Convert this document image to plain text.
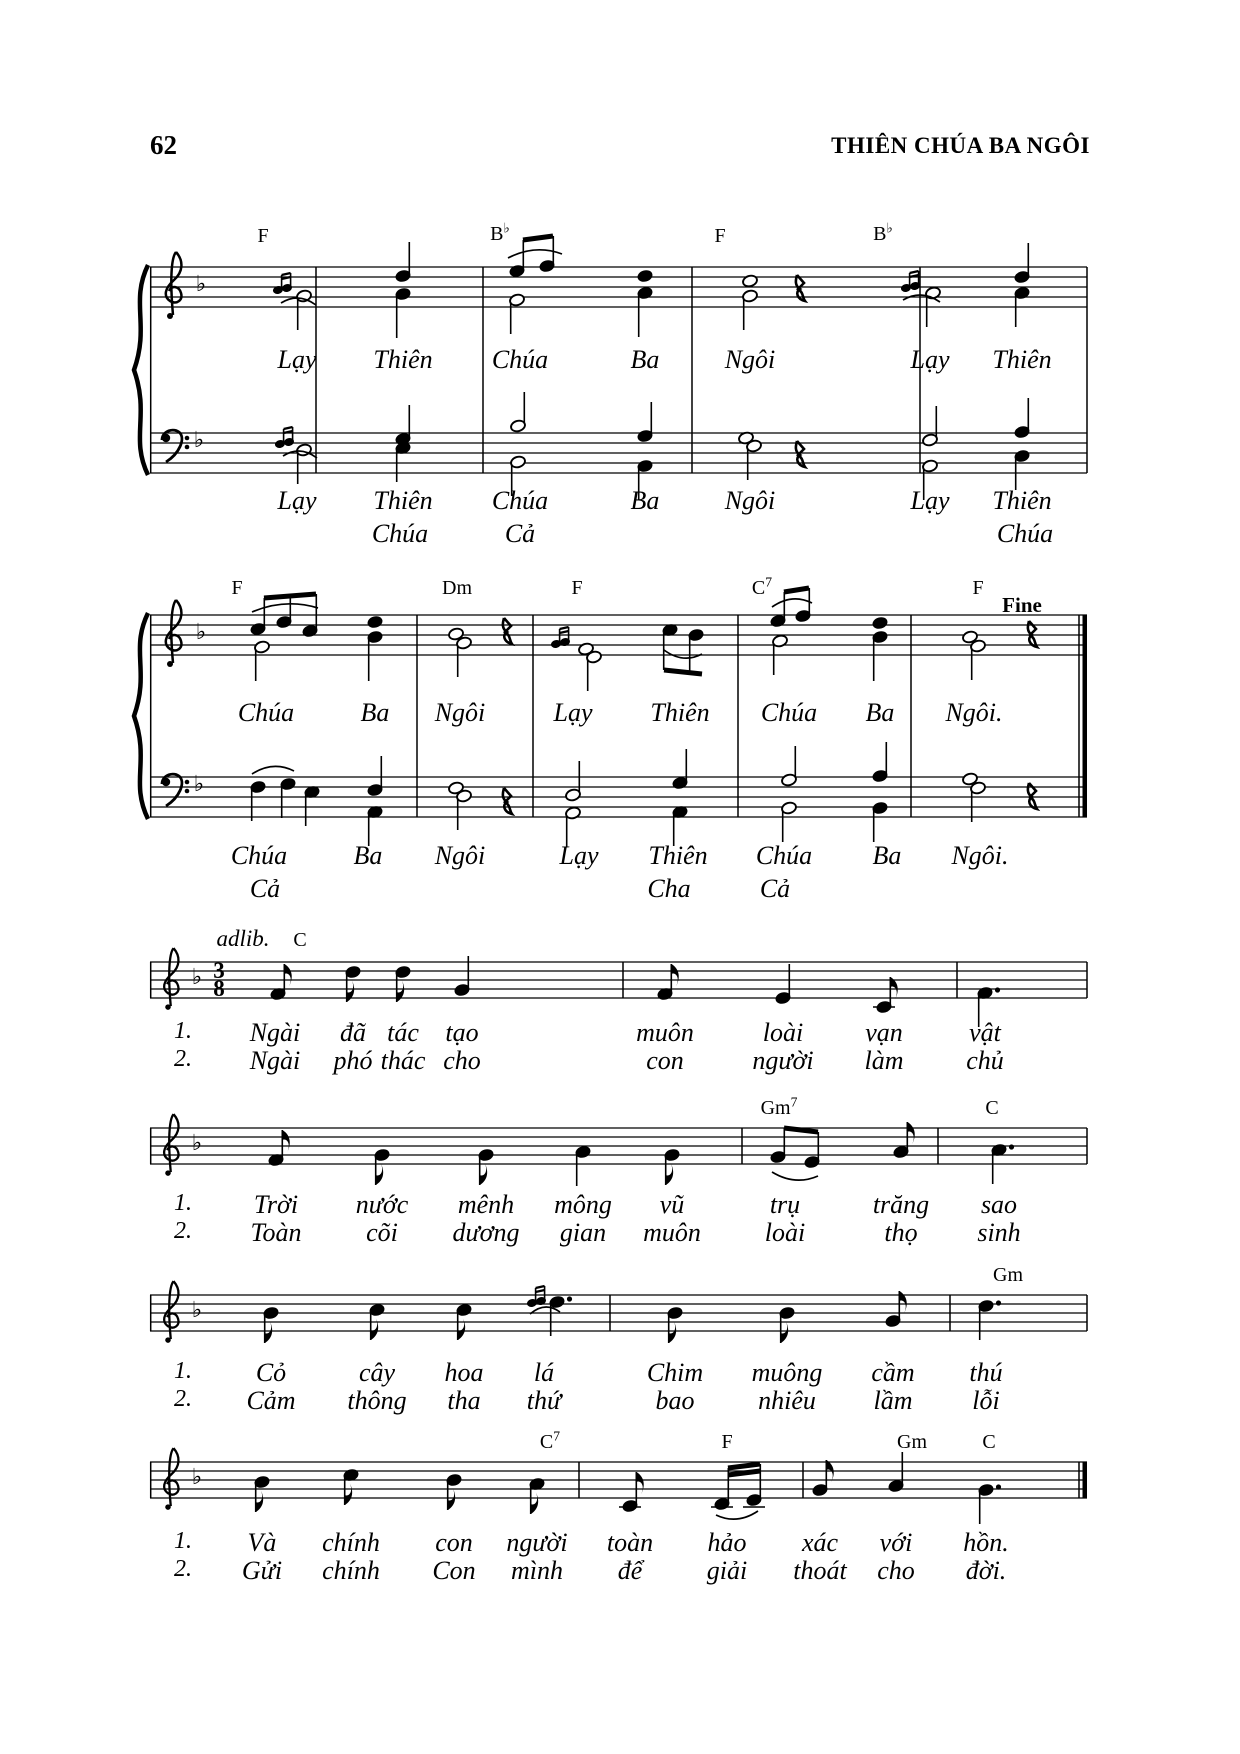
♭
♭
♭
♭
♭
♭
♭
♭
62	THIÊN CHÚA BA NGÔI
F	B♭	F	B♭
Lạy Thiên Chúa	Ba	Ngôi	Lạy Thiên
Lạy Thiên Chúa	Ba	Ngôi	Lạy Thiên
Chúa	Cả	Chúa
F	Dm	F	$C^7$	F
Fine
Chúa	Ba Ngôi	Lạy Thiên Chúa Ba Ngôi.
Chúa	Ba Ngôi	Lạy Thiên Chúa Ba Ngôi.
Cả	Cha	Cả
C
adlib.
3
8
1. Ngài đã tác tạo	muôn	loài vạn	vật
2. Ngài phó thác cho	con	người làm chủ
Gm$^7$	C
1. Trời nước mênh mông vũ	trụ	trăng sao
2. Toàn cõi dương gian muôn loài	thọ sinh
Gm
1. Cỏ	cây hoa lá	Chim muông cầm thú
2. Cảm thông tha thứ	bao nhiêu lầm lỗi
$C^7$	F	Gm	C
1. Và chính con người toàn hảo xác với hồn.
2. Gửi chính Con mình để giải thoát cho đời.
